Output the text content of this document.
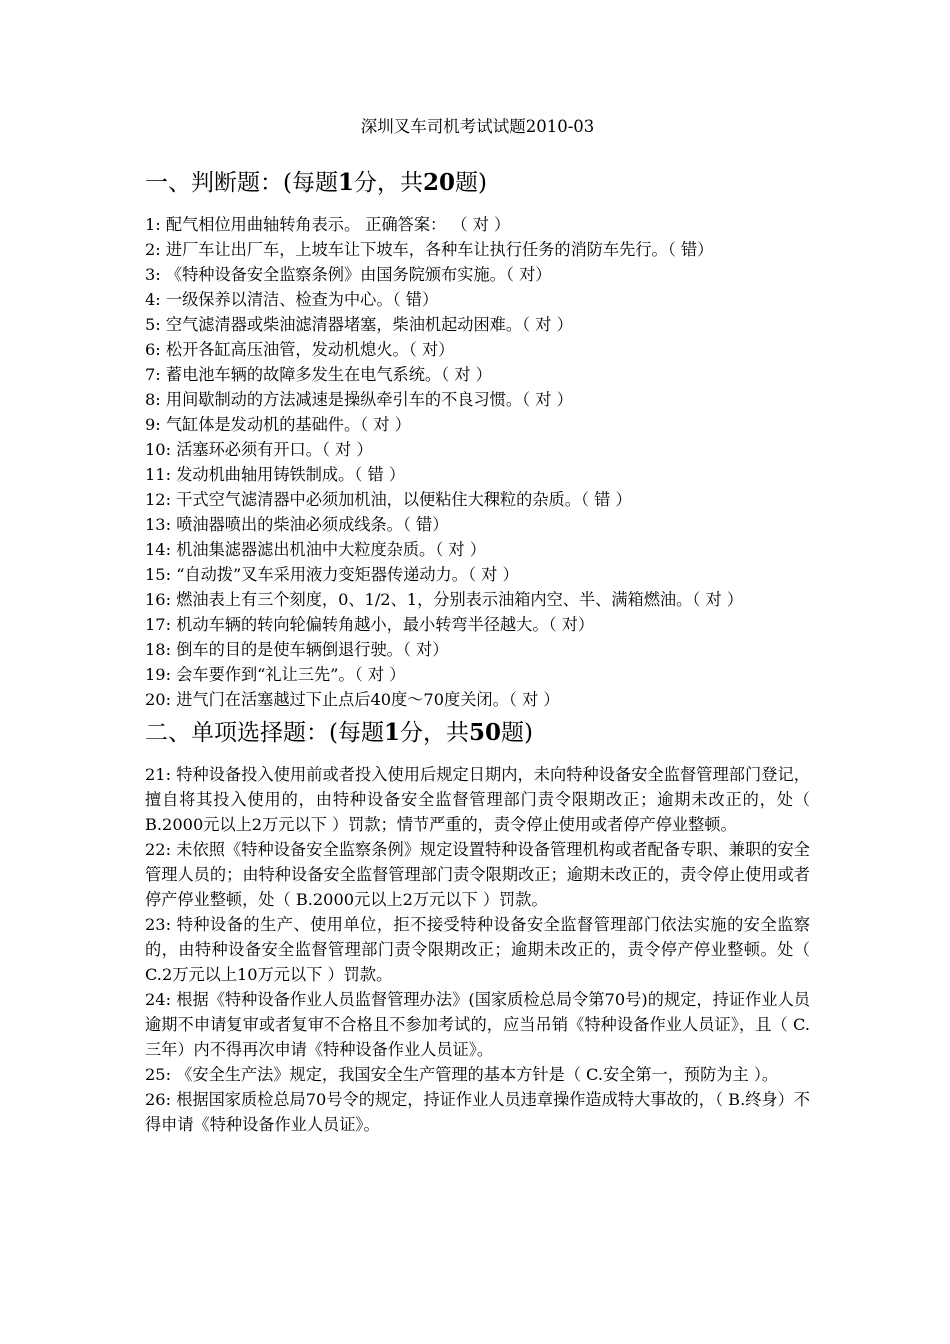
深圳叉车司机考试试题2010-03
一、判断题：(每题1分，共20题)
1: 配气相位用曲轴转角表示。 正确答案： （ 对 ）
2: 进厂车让出厂车，上坡车让下坡车，各种车让执行任务的消防车先行。（ 错）
3: 《特种设备安全监察条例》由国务院颁布实施。（ 对）
4: 一级保养以清洁、检查为中心。（ 错）
5: 空气滤清器或柴油滤清器堵塞，柴油机起动困难。（ 对 ）
6: 松开各缸高压油管，发动机熄火。（ 对）
7: 蓄电池车辆的故障多发生在电气系统。（ 对 ）
8: 用间歇制动的方法减速是操纵牵引车的不良习惯。（ 对 ）
9: 气缸体是发动机的基础件。（ 对 ）
10: 活塞环必须有开口。（ 对 ）
11: 发动机曲轴用铸铁制成。（ 错 ）
12: 干式空气滤清器中必须加机油，以便粘住大稞粒的杂质。（ 错 ）
13: 喷油器喷出的柴油必须成线条。（ 错）
14: 机油集滤器滤出机油中大粒度杂质。（ 对 ）
15: “自动拨”叉车采用液力变矩器传递动力。（ 对 ）
16: 燃油表上有三个刻度，0、1/2、1，分别表示油箱内空、半、满箱燃油。（ 对 ）
17: 机动车辆的转向轮偏转角越小，最小转弯半径越大。（ 对）
18: 倒车的目的是使车辆倒退行驶。（ 对）
19: 会车要作到“礼让三先”。（ 对 ）
20: 进气门在活塞越过下止点后40度～70度关闭。（ 对 ）
二、单项选择题：(每题1分，共50题)
21: 特种设备投入使用前或者投入使用后规定日期内，未向特种设备安全监督管理部门登记，擅自将其投入使用的，由特种设备安全监督管理部门责令限期改正；逾期未改正的，处（ B.2000元以上2万元以下 ）罚款；情节严重的，责令停止使用或者停产停业整顿。
22: 未依照《特种设备安全监察条例》规定设置特种设备管理机构或者配备专职、兼职的安全管理人员的；由特种设备安全监督管理部门责令限期改正；逾期未改正的，责令停止使用或者停产停业整顿，处（ B.2000元以上2万元以下 ）罚款。
23: 特种设备的生产、使用单位，拒不接受特种设备安全监督管理部门依法实施的安全监察的，由特种设备安全监督管理部门责令限期改正；逾期未改正的，责令停产停业整顿。处（ C.2万元以上10万元以下 ）罚款。
24: 根据《特种设备作业人员监督管理办法》(国家质检总局令第70号)的规定，持证作业人员逾期不申请复审或者复审不合格且不参加考试的，应当吊销《特种设备作业人员证》，且（ C.三年）内不得再次申请《特种设备作业人员证》。
25: 《安全生产法》规定，我国安全生产管理的基本方针是（ C.安全第一，预防为主 ）。
26: 根据国家质检总局70号令的规定，持证作业人员违章操作造成特大事故的，（ B.终身）不得申请《特种设备作业人员证》。
